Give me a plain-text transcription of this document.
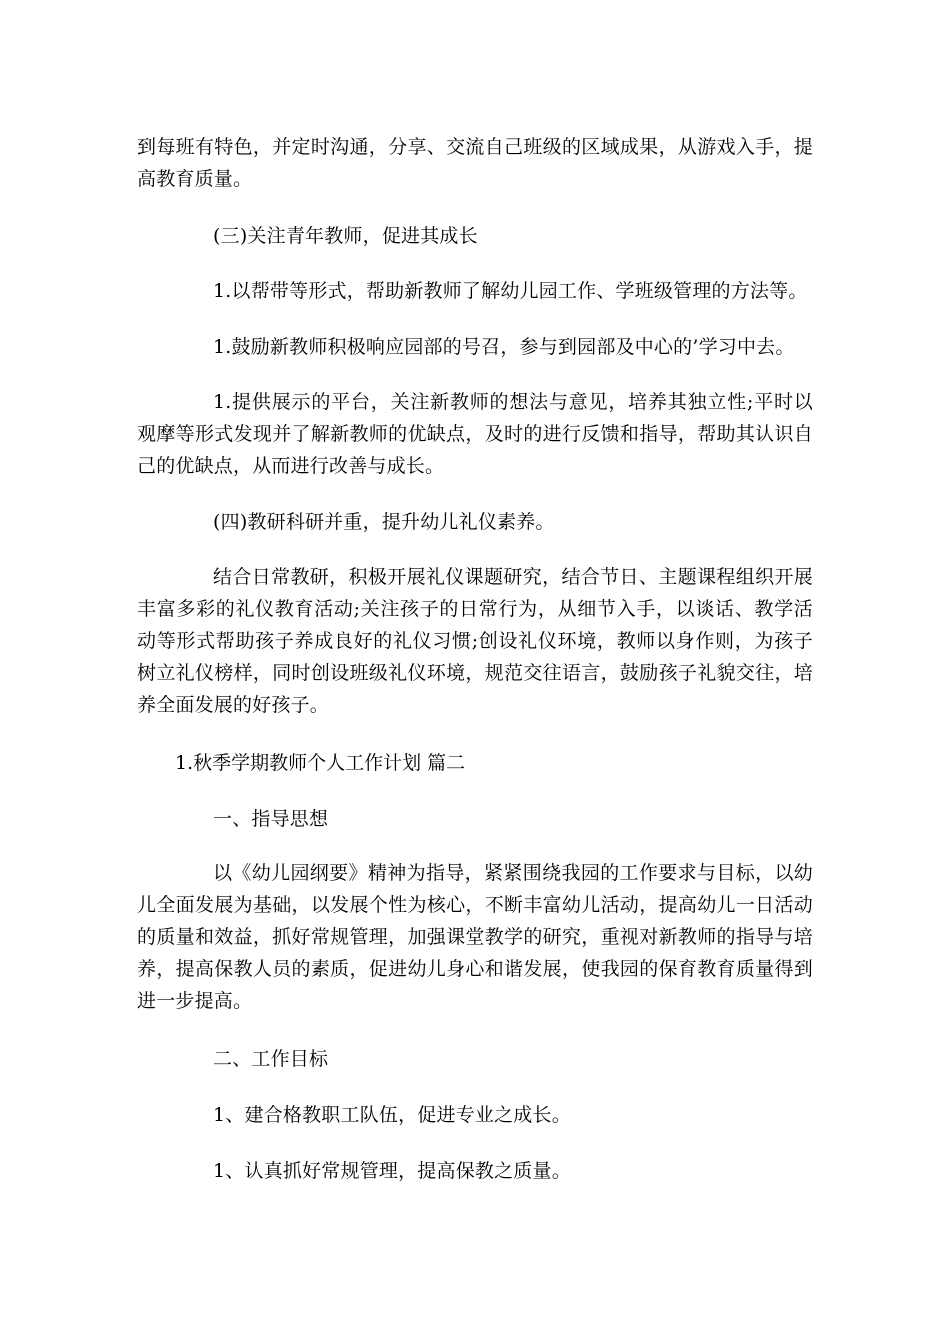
到每班有特色，并定时沟通，分享、交流自己班级的区域成果，从游戏入手，提高教育质量。

(三)关注青年教师，促进其成长

1.以帮带等形式，帮助新教师了解幼儿园工作、学班级管理的方法等。

1.鼓励新教师积极响应园部的号召，参与到园部及中心的’学习中去。

1.提供展示的平台，关注新教师的想法与意见，培养其独立性;平时以观摩等形式发现并了解新教师的优缺点，及时的进行反馈和指导，帮助其认识自己的优缺点，从而进行改善与成长。

(四)教研科研并重，提升幼儿礼仪素养。

结合日常教研，积极开展礼仪课题研究，结合节日、主题课程组织开展丰富多彩的礼仪教育活动;关注孩子的日常行为，从细节入手，以谈话、教学活动等形式帮助孩子养成良好的礼仪习惯;创设礼仪环境，教师以身作则，为孩子树立礼仪榜样，同时创设班级礼仪环境，规范交往语言，鼓励孩子礼貌交往，培养全面发展的好孩子。

1.秋季学期教师个人工作计划 篇二

一、指导思想

以《幼儿园纲要》精神为指导，紧紧围绕我园的工作要求与目标，以幼儿全面发展为基础，以发展个性为核心，不断丰富幼儿活动，提高幼儿一日活动的质量和效益，抓好常规管理，加强课堂教学的研究，重视对新教师的指导与培养，提高保教人员的素质，促进幼儿身心和谐发展，使我园的保育教育质量得到进一步提高。

二、工作目标

1、建合格教职工队伍，促进专业之成长。

1、认真抓好常规管理，提高保教之质量。
